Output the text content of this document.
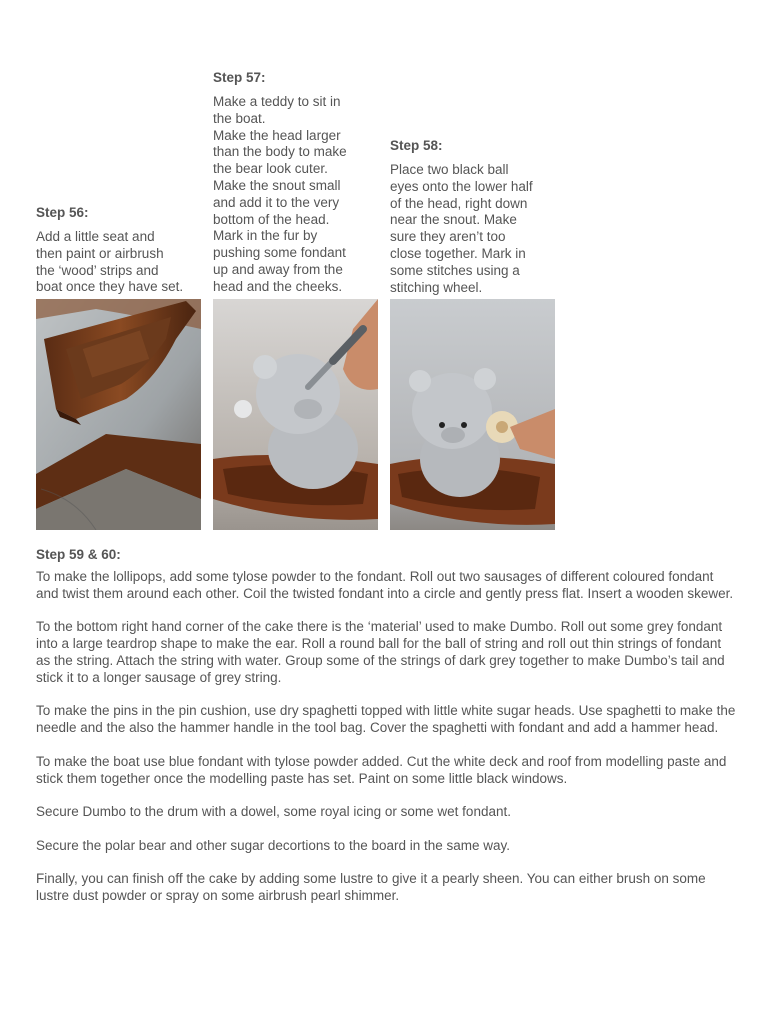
Step 56:

Add a little seat and
then paint or airbrush
the ‘wood’ strips and
boat once they have set.

Step 57:

Make a teddy to sit in
the boat.
Make the head larger
than the body to make
the bear look cuter.
Make the snout small
and add it to the very
bottom of the head.
Mark in the fur by
pushing some fondant
up and away from the
head and the cheeks.

Step 58:

Place two black ball
eyes onto the lower half
of the head, right down
near the snout. Make
sure they aren’t too
close together. Mark in
some stitches using a
stitching wheel.

Step 59 & 60:

To make the lollipops, add some tylose powder to the fondant. Roll out two sausages of different coloured fondant and twist them around each other. Coil the twisted fondant into a circle and gently press flat. Insert a wooden skewer.

To the bottom right hand corner of the cake there is the ‘material’ used to make Dumbo. Roll out some grey fondant into a large teardrop shape to make the ear. Roll a round ball for the ball of string and roll out thin strings of fondant as the string. Attach the string with water. Group some of the strings of dark grey together to make Dumbo’s tail and stick it to a longer sausage of grey string.

To make the pins in the pin cushion, use dry spaghetti topped with little white sugar heads. Use spaghetti to make the needle and the also the hammer handle in the tool bag. Cover the spaghetti with fondant and add a hammer head.

To make the boat use blue fondant with tylose powder added. Cut the white deck and roof from modelling paste and stick them together once the modelling paste has set. Paint on some little black windows.

Secure Dumbo to the drum with a dowel, some royal icing or some wet fondant.

Secure the polar bear and other sugar decortions to the board in the same way.

Finally, you can finish off the cake by adding some lustre to give it a pearly sheen. You can either brush on some lustre dust powder or spray on some airbrush pearl shimmer.
